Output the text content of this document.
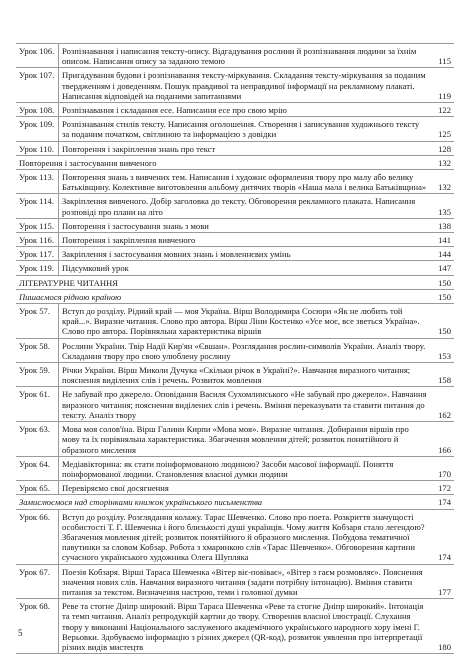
Урок 106. Розпізнавання і написання тексту-опису. Відгадування рослини й розпізнавання людини за їхнім описом. Написання опису за заданою темою	115
Урок 107. Пригадування будови і розпізнавання тексту-міркування. Складання тексту-міркування за поданим твердженням і доведенням. Пошук правдивої та неправдивої інформації на рекламному плакаті. Написання відповідей на поданими запитаннями	119
Урок 108. Розпізнавання і складання есе. Написання есе про свою мрію	122
Урок 109. Розпізнавання стилів тексту. Написання оголошення. Створення і записування художнього тексту за поданим початком, світлиною та інформацією з довідки	125
Урок 110. Повторення і закріплення знань про текст	128
Повторення і застосування вивченого	132
Урок 113. Повторення знань з вивчених тем. Написання і художнє оформлення твору про малу або велику Батьківщину. Колективне виготовлення альбому дитячих творів «Наша мала і велика Батьківщина»	132
Урок 114. Закріплення вивченого. Добір заголовка до тексту. Обговорення рекламного плаката. Написання розповіді про плани на літо	135
Урок 115. Повторення і застосування знань з мови	138
Урок 116. Повторення і закріплення вивченого	141
Урок 117. Закріплення і застосування мовних знань і мовленнєвих умінь	144
Урок 119. Підсумковий урок	147
ЛІТЕРАТУРНЕ ЧИТАННЯ	150
Пишаємося рідною країною	150
Урок 57.	Вступ до розділу. Рідний край — моя Україна. Вірш Володимира Сосюри «Як не любить той край...». Виразне читання. Слово про автора. Вірш Ліни Костенко «Усе моє, все зветься Україна». Слово про автора. Порівняльна характеристика віршів	150
Урок 58.	Рослини України. Твір Надії Кир'ян «Євшан». Розглядання рослин-символів України. Аналіз твору. Складання твору про свою улюблену рослину	153
Урок 59.	Річки України. Вірш Миколи Дучука «Скільки річок в Україні?». Навчання виразного читання; пояснення виділених слів і речень. Розвиток мовлення	158
Урок 61.	Не забувай про джерело. Оповідання Василя Сухомлинського «Не забувай про джерело». Навчання виразного читання; пояснення виділених слів і речень. Вміння переказувати та ставити питання до тексту. Аналіз твору	162
Урок 63.	Мова моя солов'їна. Вірш Галини Кирпи «Мова моя». Виразне читання. Добирання віршів про мову та їх порівняльна характеристика. Збагачення мовлення дітей; розвиток понятійного й образного мислення	166
Урок 64.	Медіавікторина: як стати поінформованою людиною? Засоби масової інформації. Поняття поінформованої людини. Становлення власної думки людини	170
Урок 65.	Перевіряємо свої досягнення	172
Замислюємося над сторінками книжок українського письменства	174
Урок 66.	Вступ до розділу. Розглядання колажу. Тарас Шевченко. Слово про поета. Розкриття значущості особистості Т. Г. Шевченка і його близькості душі українців. Чому життя Кобзаря стало легендою? Збагачення мовлення дітей; розвиток понятійного й образного мислення. Побудова тематичної павутинки за словом Кобзар. Робота з хмаринкою слів «Тарас Шевченко». Обговорення картини сучасного українського художника Олега Шупляка	174
Урок 67.	Поезія Кобзаря. Вірші Тараса Шевченка «Вітер віє-повіває», «Вітер з гаєм розмовляє». Пояснення значення нових слів. Навчання виразного читання (задати потрібну інтонацію). Вміння ставити питання за текстом. Визначення настрою, теми і головної думки	177
Урок 68.	Реве та стогне Дніпр широкий. Вірш Тараса Шевченка «Реве та стогне Дніпр широкий». Інтонація та темп читання. Аналіз репродукцій картин до твору. Створення власної ілюстрації. Слухання твору у виконанні Національного заслуженого академічного українського народного хору імені Г. Верьовки. Здобуваємо інформацію з різних джерел (QR-код), розвиток уявлення про інтерпретації різних видів мистецтв	180
5
